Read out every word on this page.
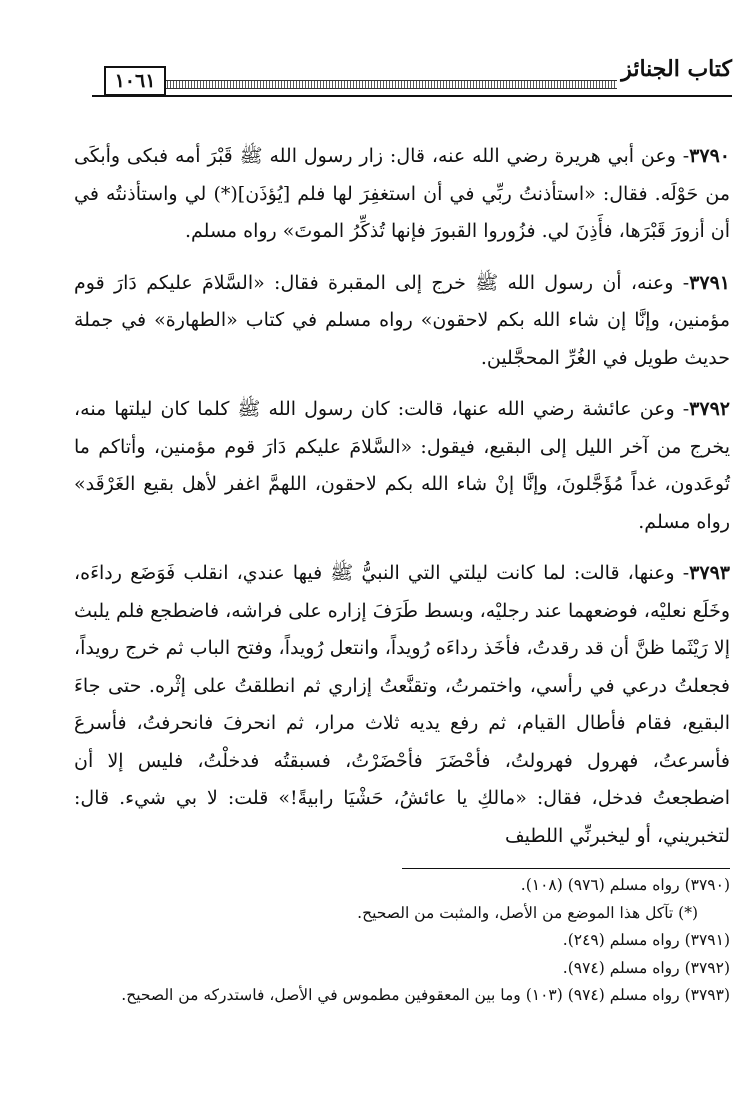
كتاب الجنائز
١٠٦١

٣٧٩٠- وعن أبي هريرة رضي الله عنه، قال: زار رسول الله ﷺ قَبْرَ أمه فبكى وأبكَى من حَوْلَه. فقال: «استأذنتُ ربِّي في أن استغفِرَ لها فلم [يُؤذَن](*) لي واستأذنتُه في أن أزورَ قَبْرَها، فأَذِنَ لي. فزُوروا القبورَ فإنها تُذكِّرُ الموتَ» رواه مسلم.

٣٧٩١- وعنه، أن رسول الله ﷺ خرج إلى المقبرة فقال: «السَّلامَ عليكم دَارَ قوم مؤمنين، وإنَّا إن شاء الله بكم لاحقون» رواه مسلم في كتاب «الطهارة» في جملة حديث طويل في الغُرِّ المحجَّلين.

٣٧٩٢- وعن عائشة رضي الله عنها، قالت: كان رسول الله ﷺ كلما كان ليلتها منه، يخرج من آخر الليل إلى البقيع، فيقول: «السَّلامَ عليكم دَارَ قوم مؤمنين، وأتاكم ما تُوعَدون، غداً مُؤَجَّلونَ، وإنَّا إنْ شاء الله بكم لاحقون، اللهمَّ اغفر لأهل بقيع الغَرْقَد» رواه مسلم.

٣٧٩٣- وعنها، قالت: لما كانت ليلتي التي النبيُّ ﷺ فيها عندي، انقلب فَوَضَع رداءَه، وخَلَع نعليْه، فوضعهما عند رجليْه، وبسط طَرَفَ إزاره على فراشه، فاضطجع فلم يلبث إلا رَيْثَما ظنَّ أن قد رقدتُ، فأخَذ رداءَه رُويداً، وانتعل رُويداً، وفتح الباب ثم خرج رويداً، فجعلتُ درعي في رأسي، واختمرتُ، وتقنَّعتُ إزاري ثم انطلقتُ على إثْره. حتى جاءَ البقيع، فقام فأطال القيام، ثم رفع يديه ثلاث مرار، ثم انحرفَ فانحرفتُ، فأسرعَ فأسرعتُ، فهرول فهرولتُ، فأحْضَرَ فأحْضَرْتُ، فسبقتُه فدخلْتُ، فليس إلا أن اضطجعتُ فدخل، فقال: «مالكِ يا عائشُ، حَشْيَا رابيةً!» قلت: لا بي شيء. قال: لتخبريني، أو ليخبرنِّي اللطيف

(٣٧٩٠) رواه مسلم (٩٧٦) (١٠٨).
(*) تآكل هذا الموضع من الأصل، والمثبت من الصحيح.
(٣٧٩١) رواه مسلم (٢٤٩).
(٣٧٩٢) رواه مسلم (٩٧٤).
(٣٧٩٣) رواه مسلم (٩٧٤) (١٠٣) وما بين المعقوفين مطموس في الأصل، فاستدركه من الصحيح.
